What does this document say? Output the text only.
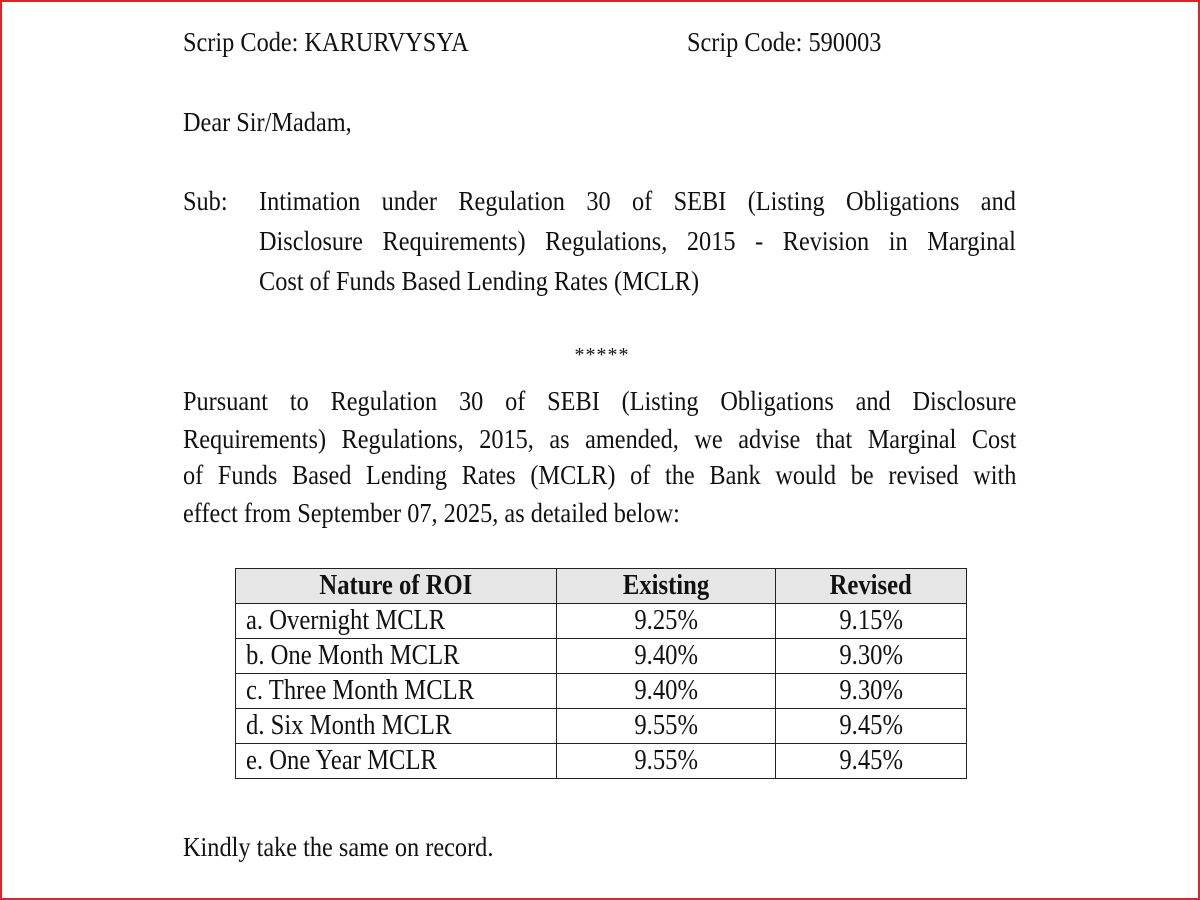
Scrip Code: KARURVYSYA	Scrip Code: 590003
Dear Sir/Madam,
Sub: Intimation under Regulation 30 of SEBI (Listing Obligations and
Disclosure Requirements) Regulations, 2015 - Revision in Marginal
Cost of Funds Based Lending Rates (MCLR)
*****
Pursuant to Regulation 30 of SEBI (Listing Obligations and Disclosure
Requirements) Regulations, 2015, as amended, we advise that Marginal Cost
of Funds Based Lending Rates (MCLR) of the Bank would be revised with
effect from September 07, 2025, as detailed below:
Nature of ROI	Existing	Revised
a. Overnight MCLR	9.25%	9.15%
b. One Month MCLR	9.40%	9.30%
c. Three Month MCLR	9.40%	9.30%
d. Six Month MCLR	9.55%	9.45%
e. One Year MCLR	9.55%	9.45%
Kindly take the same on record.
